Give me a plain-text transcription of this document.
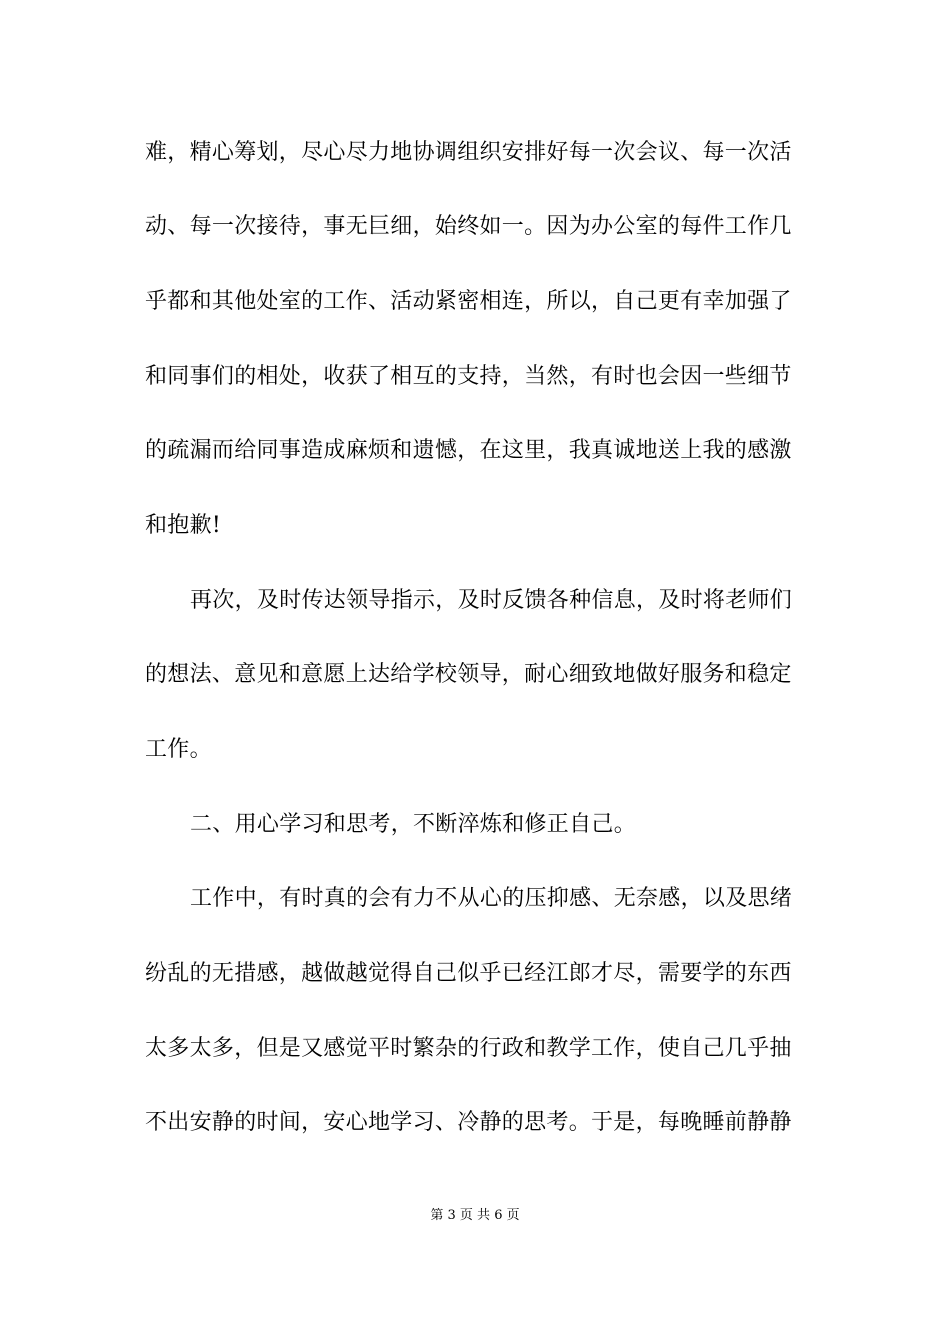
难，精心筹划，尽心尽力地协调组织安排好每一次会议、每一次活
动、每一次接待，事无巨细，始终如一。因为办公室的每件工作几
乎都和其他处室的工作、活动紧密相连，所以，自己更有幸加强了
和同事们的相处，收获了相互的支持，当然，有时也会因一些细节
的疏漏而给同事造成麻烦和遗憾，在这里，我真诚地送上我的感激
和抱歉!
再次，及时传达领导指示，及时反馈各种信息，及时将老师们
的想法、意见和意愿上达给学校领导，耐心细致地做好服务和稳定
工作。
二、用心学习和思考，不断淬炼和修正自己。
工作中，有时真的会有力不从心的压抑感、无奈感，以及思绪
纷乱的无措感，越做越觉得自己似乎已经江郎才尽，需要学的东西
太多太多，但是又感觉平时繁杂的行政和教学工作，使自己几乎抽
不出安静的时间，安心地学习、冷静的思考。于是，每晚睡前静静
第 3 页 共 6 页
